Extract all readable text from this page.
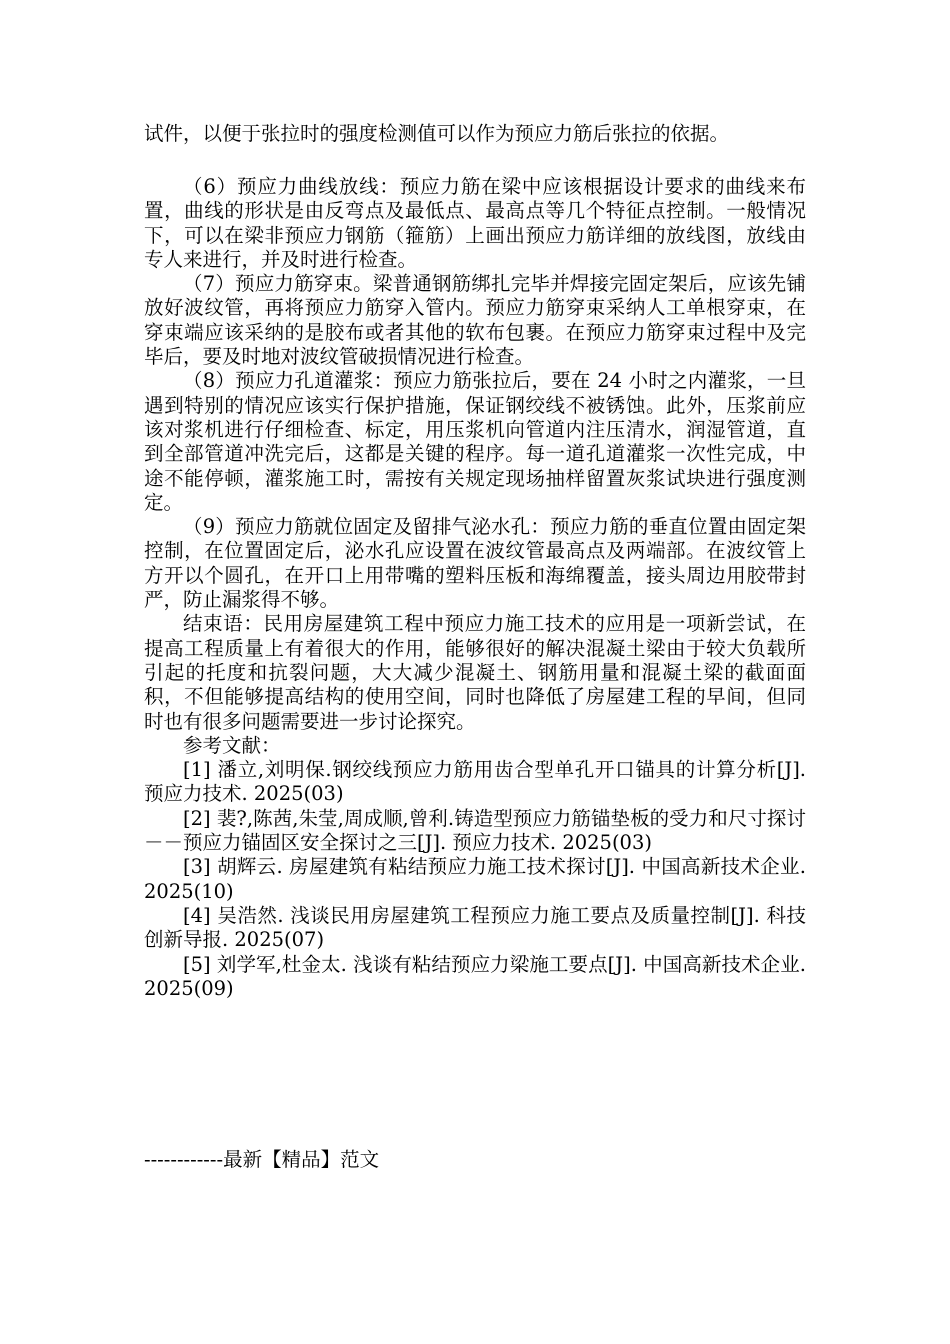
试件，以便于张拉时的强度检测值可以作为预应力筋后张拉的依据。

（6）预应力曲线放线：预应力筋在梁中应该根据设计要求的曲线来布置，曲线的形状是由反弯点及最低点、最高点等几个特征点控制。一般情况下，可以在梁非预应力钢筋（箍筋）上画出预应力筋详细的放线图，放线由专人来进行，并及时进行检查。

（7）预应力筋穿束。梁普通钢筋绑扎完毕并焊接完固定架后，应该先铺放好波纹管，再将预应力筋穿入管内。预应力筋穿束采纳人工单根穿束，在穿束端应该采纳的是胶布或者其他的软布包裹。在预应力筋穿束过程中及完毕后，要及时地对波纹管破损情况进行检查。

（8）预应力孔道灌浆：预应力筋张拉后，要在 24 小时之内灌浆，一旦遇到特别的情况应该实行保护措施，保证钢绞线不被锈蚀。此外，压浆前应该对浆机进行仔细检查、标定，用压浆机向管道内注压清水，润湿管道，直到全部管道冲洗完后，这都是关键的程序。每一道孔道灌浆一次性完成，中途不能停顿，灌浆施工时，需按有关规定现场抽样留置灰浆试块进行强度测定。

（9）预应力筋就位固定及留排气泌水孔：预应力筋的垂直位置由固定架控制，在位置固定后，泌水孔应设置在波纹管最高点及两端部。在波纹管上方开以个圆孔，在开口上用带嘴的塑料压板和海绵覆盖，接头周边用胶带封严，防止漏浆得不够。

结束语：民用房屋建筑工程中预应力施工技术的应用是一项新尝试，在提高工程质量上有着很大的作用，能够很好的解决混凝土梁由于较大负载所引起的托度和抗裂问题，大大减少混凝土、钢筋用量和混凝土梁的截面面积，不但能够提高结构的使用空间，同时也降低了房屋建工程的早间，但同时也有很多问题需要进一步讨论探究。

参考文献：

[1] 潘立,刘明保.钢绞线预应力筋用齿合型单孔开口锚具的计算分析[J]. 预应力技术. 2025(03)

[2] 裴?,陈茜,朱莹,周成顺,曾利.铸造型预应力筋锚垫板的受力和尺寸探讨－－预应力锚固区安全探讨之三[J]. 预应力技术. 2025(03)

[3] 胡辉云. 房屋建筑有粘结预应力施工技术探讨[J]. 中国高新技术企业. 2025(10)

[4] 吴浩然. 浅谈民用房屋建筑工程预应力施工要点及质量控制[J]. 科技创新导报. 2025(07)

[5] 刘学军,杜金太. 浅谈有粘结预应力梁施工要点[J]. 中国高新技术企业. 2025(09)

------------最新【精品】范文
